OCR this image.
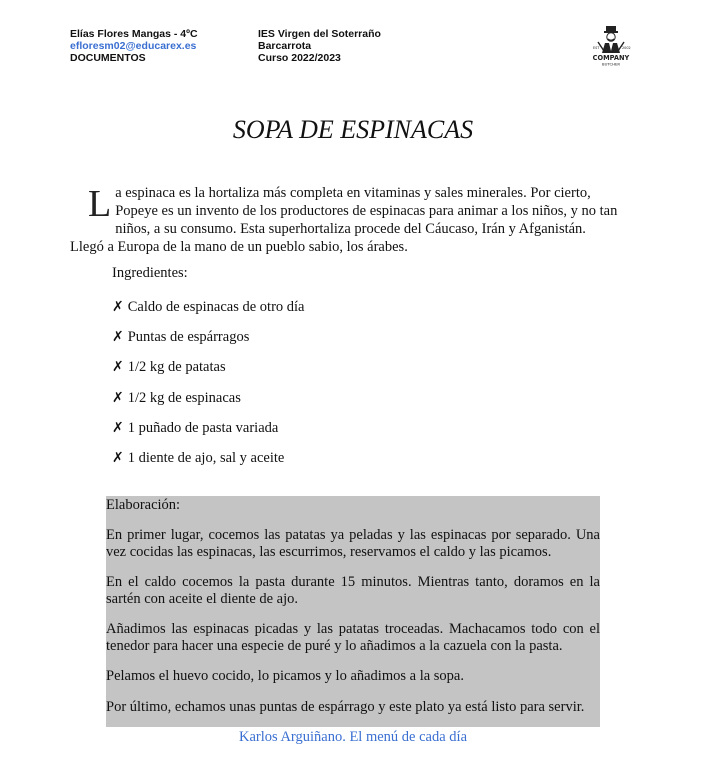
Elías Flores Mangas - 4ºC
efloresm02@educarex.es
DOCUMENTOS
IES Virgen del Soterraño
Barcarrota
Curso 2022/2023
EST	2002
COMPANY
BUTCHER
SOPA DE ESPINACAS
La espinaca es la hortaliza más completa en vitaminas y sales minerales. Por cierto, Popeye es un invento de los productores de espinacas para animar a los niños, y no tan niños, a su consumo. Esta superhortaliza procede del Cáucaso, Irán y Afganistán. Llegó a Europa de la mano de un pueblo sabio, los árabes.
Ingredientes:
✗ Caldo de espinacas de otro día
✗ Puntas de espárragos
✗ 1/2 kg de patatas
✗ 1/2 kg de espinacas
✗ 1 puñado de pasta variada
✗ 1 diente de ajo, sal y aceite

Elaboración:

En primer lugar, cocemos las patatas ya peladas y las espinacas por separado. Una vez cocidas las espinacas, las escurrimos, reservamos el caldo y las picamos.

En el caldo cocemos la pasta durante 15 minutos. Mientras tanto, doramos en la sartén con aceite el diente de ajo.

Añadimos las espinacas picadas y las patatas troceadas. Machacamos todo con el tenedor para hacer una especie de puré y lo añadimos a la cazuela con la pasta.

Pelamos el huevo cocido, lo picamos y lo añadimos a la sopa.

Por último, echamos unas puntas de espárrago y este plato ya está listo para servir.

Karlos Arguiñano. El menú de cada día
